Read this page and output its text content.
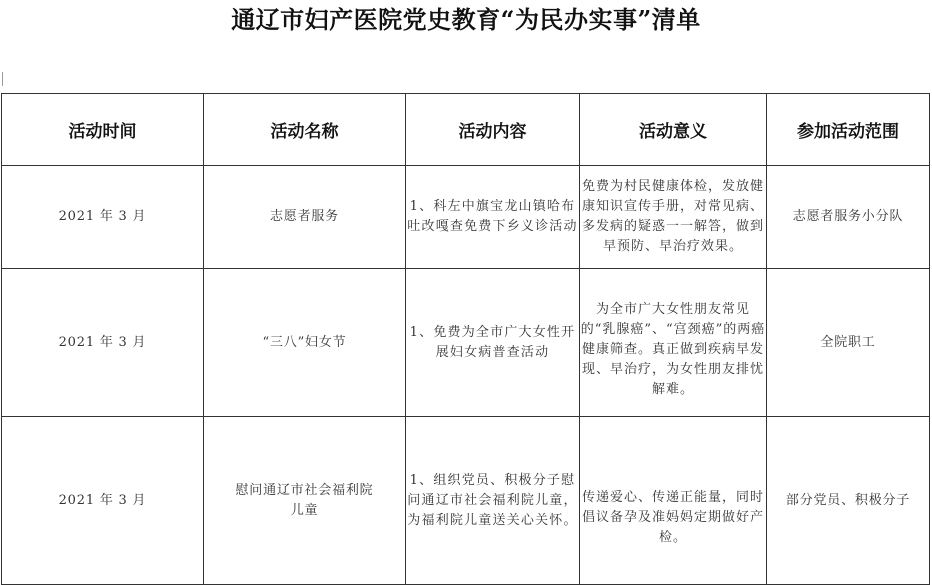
通辽市妇产医院党史教育“为民办实事”清单
活动时间	活动名称	活动内容	活动意义	参加活动范围
2021 年 3 月	志愿者服务	1、科左中旗宝龙山镇哈布吐改嘎查免费下乡义诊活动	免费为村民健康体检，发放健康知识宣传手册，对常见病、多发病的疑惑一一解答，做到早预防、早治疗效果。	志愿者服务小分队
2021 年 3 月	“三八”妇女节	1、免费为全市广大女性开展妇女病普查活动	为全市广大女性朋友常见的“乳腺癌”、“宫颈癌”的两癌健康筛查。真正做到疾病早发现、早治疗，为女性朋友排忧解难。	全院职工
2021 年 3 月	慰问通辽市社会福利院儿童	1、组织党员、积极分子慰问通辽市社会福利院儿童，为福利院儿童送关心关怀。	传递爱心、传递正能量，同时倡议备孕及准妈妈定期做好产检。	部分党员、积极分子
